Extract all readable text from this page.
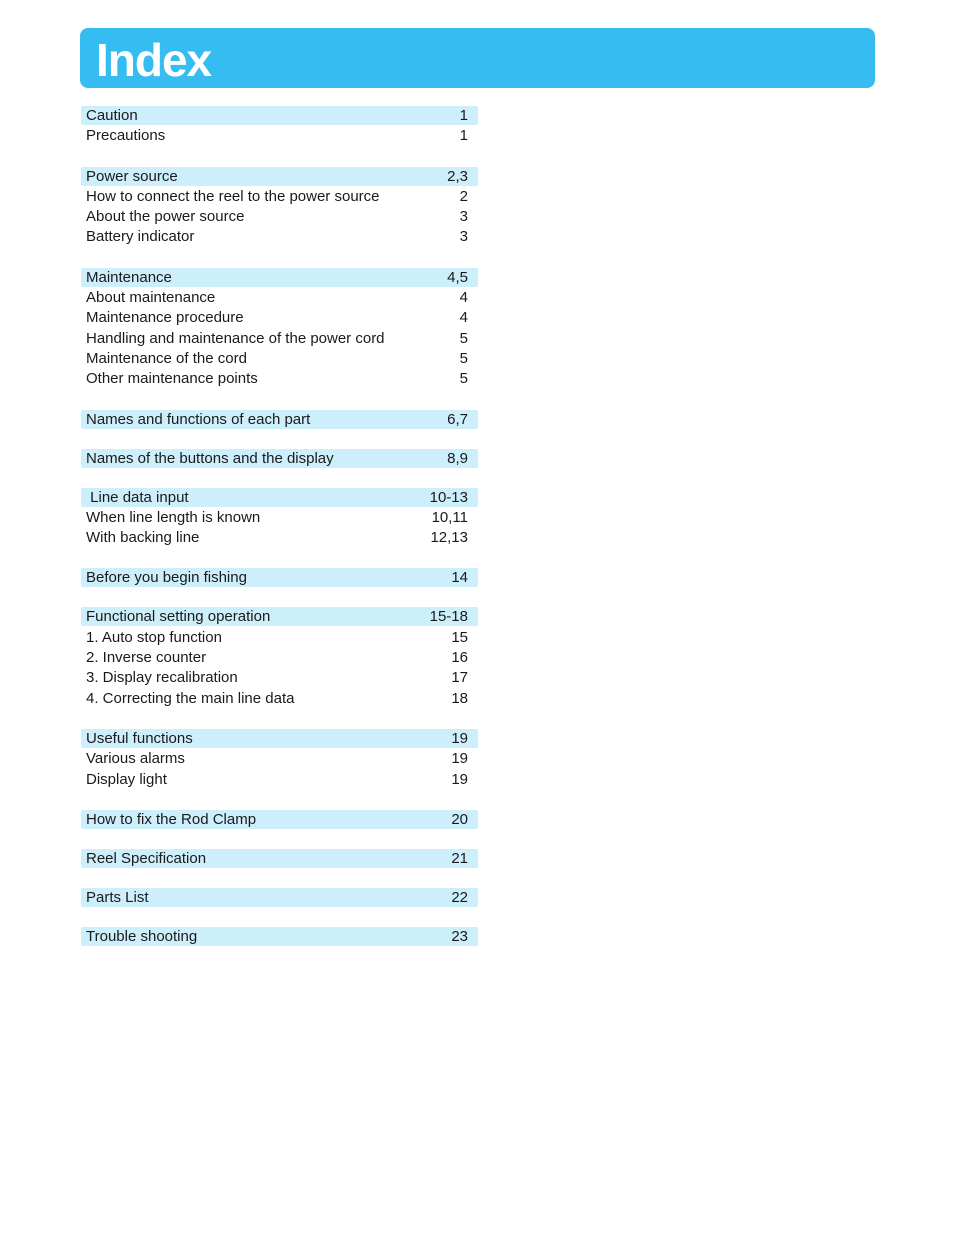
Index
Caution	1
Precautions	1
Power source	2,3
How to connect the reel to the power source	2
About the power source	3
Battery indicator	3
Maintenance	4,5
About maintenance	4
Maintenance procedure	4
Handling and maintenance of the power cord	5
Maintenance of the cord	5
Other maintenance points	5
Names and functions of each part	6,7
Names of the buttons and the display	8,9
Line data input	10-13
When line length is known	10,11
With backing line	12,13
Before you begin fishing	14
Functional setting operation	15-18
1. Auto stop function	15
2. Inverse counter	16
3. Display recalibration	17
4. Correcting the main line data	18
Useful functions	19
Various alarms	19
Display light	19
How to fix the Rod Clamp	20
Reel Specification	21
Parts List	22
Trouble shooting	23
